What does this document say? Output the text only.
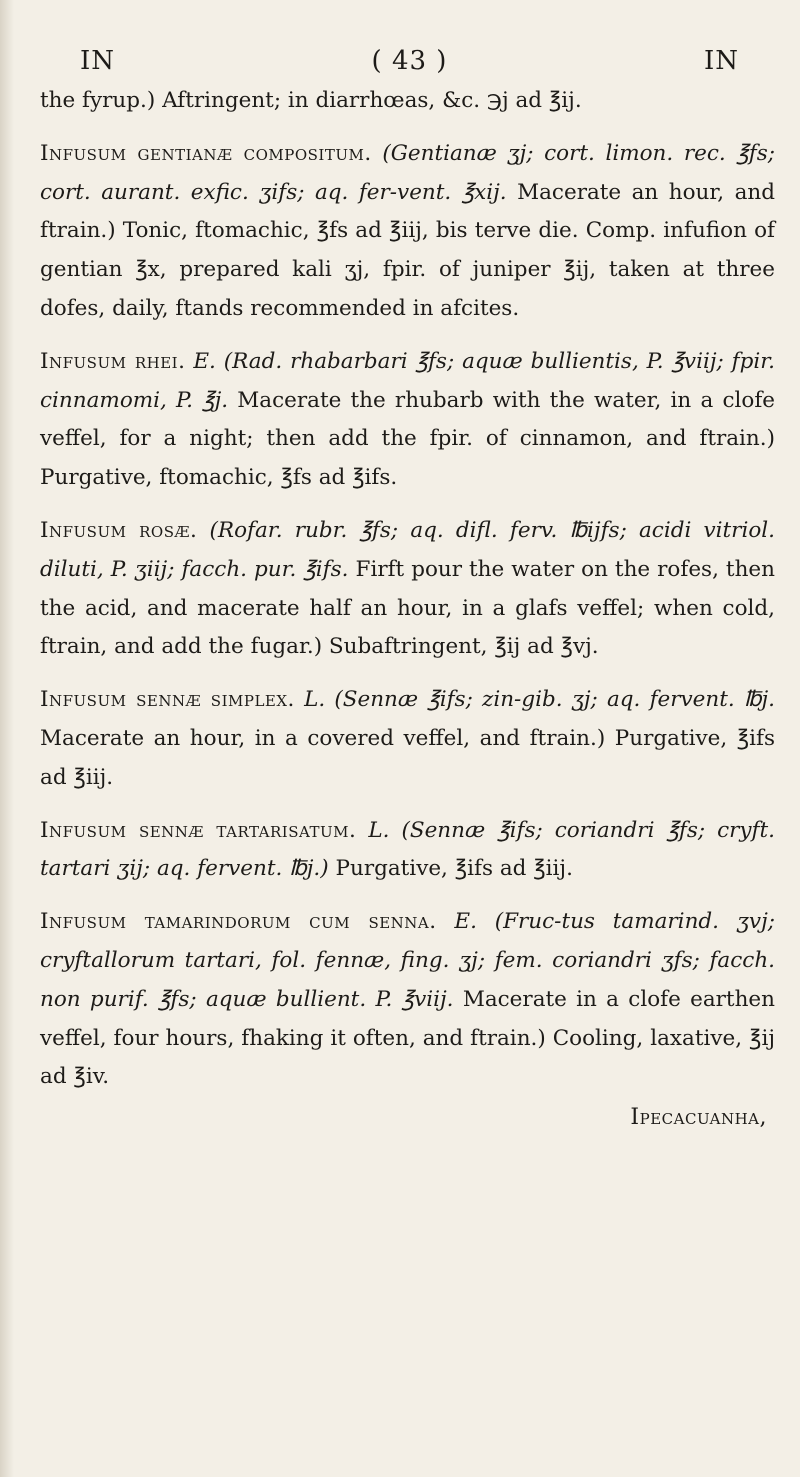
IN	( 43 )	IN

the fyrup.) Aftringent; in diarrhœas, &c. ℈j ad ℥ij.

Infusum gentianæ compositum. (Gentianæ ʒj; cort. limon. rec. ℥fs; cort. aurant. exfic. ʒifs; aq. fer-vent. ℥xij. Macerate an hour, and ftrain.) Tonic, ftomachic, ℥fs ad ℥iij, bis terve die. Comp. infufion of gentian ℥x, prepared kali ʒj, fpir. of juniper ℥ij, taken at three dofes, daily, ftands recommended in afcites.

Infusum rhei. E. (Rad. rhabarbari ℥fs; aquæ bullientis, P. ℥viij; fpir. cinnamomi, P. ℥j. Macerate the rhubarb with the water, in a clofe veffel, for a night; then add the fpir. of cinnamon, and ftrain.) Purgative, ftomachic, ℥fs ad ℥ifs.

Infusum rosæ. (Rofar. rubr. ℥fs; aq. difl. ferv. ℔ijfs; acidi vitriol. diluti, P. ʒiij; facch. pur. ℥ifs. Firft pour the water on the rofes, then the acid, and macerate half an hour, in a glafs veffel; when cold, ftrain, and add the fugar.) Subaftringent, ℥ij ad ℥vj.

Infusum sennæ simplex. L. (Sennæ ℥ifs; zin-gib. ʒj; aq. fervent. ℔j. Macerate an hour, in a covered veffel, and ftrain.) Purgative, ℥ifs ad ℥iij.

Infusum sennæ tartarisatum. L. (Sennæ ℥ifs; coriandri ℥fs; cryft. tartari ʒij; aq. fervent. ℔j.) Purgative, ℥ifs ad ℥iij.

Infusum tamarindorum cum senna. E. (Fruc-tus tamarind. ʒvj; cryftallorum tartari, fol. fennæ, fing. ʒj; fem. coriandri ʒfs; facch. non purif. ℥fs; aquæ bullient. P. ℥viij. Macerate in a clofe earthen veffel, four hours, fhaking it often, and ftrain.) Cooling, laxative, ℥ij ad ℥iv.

Ipecacuanha,
